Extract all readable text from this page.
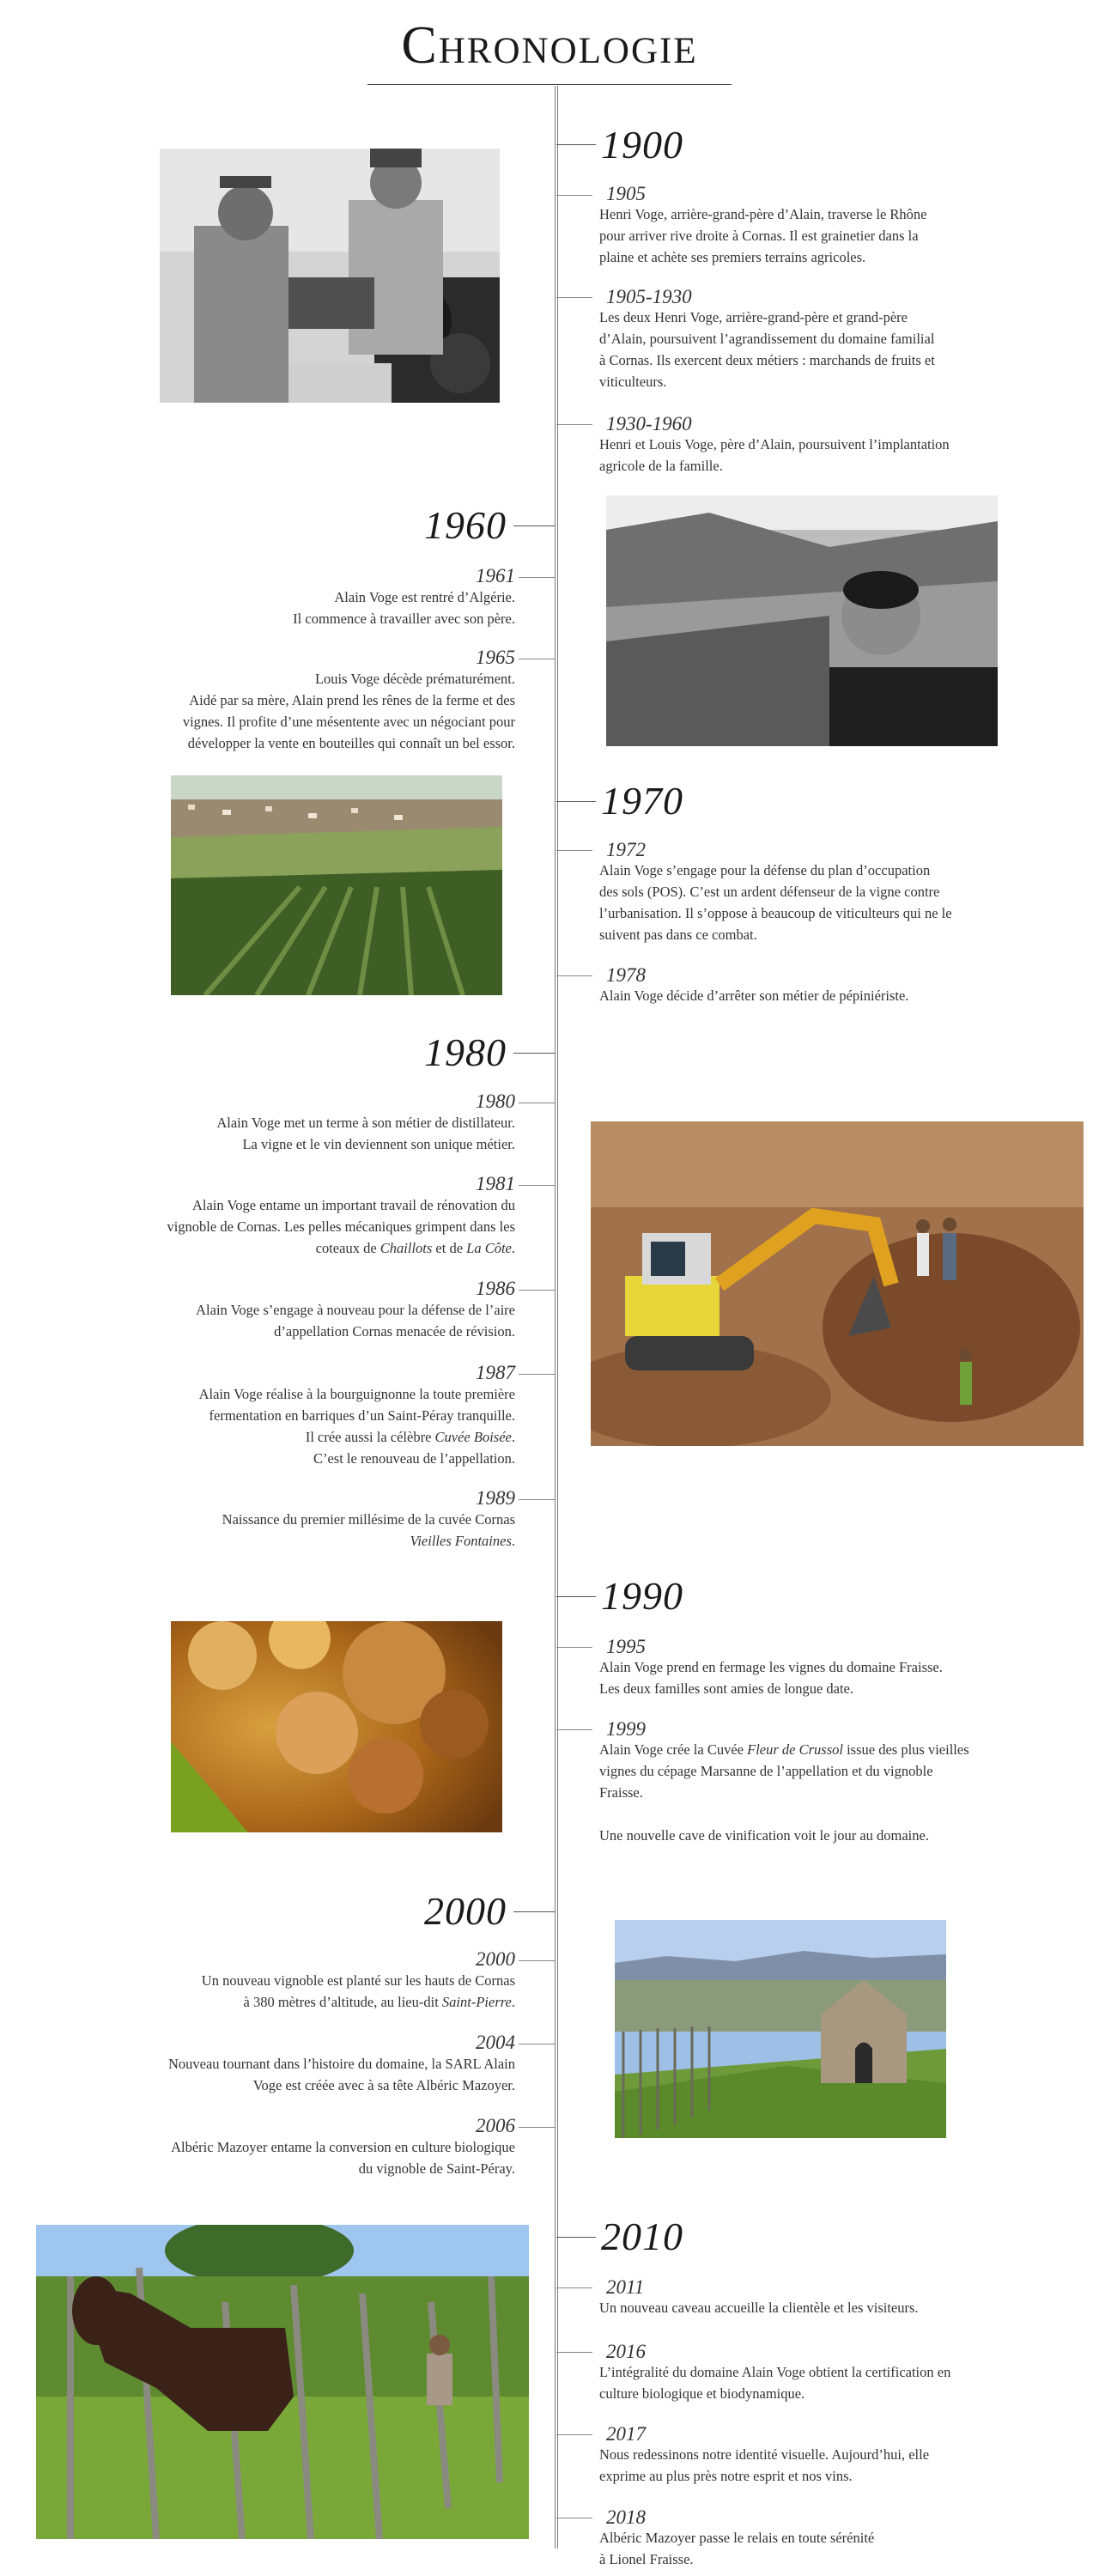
Chronologie
1900
1905
Henri Voge, arrière-grand-père d’Alain, traverse le Rhône
pour arriver rive droite à Cornas. Il est grainetier dans la
plaine et achète ses premiers terrains agricoles.
1905-1930
Les deux Henri Voge, arrière-grand-père et grand-père
d’Alain, poursuivent l’agrandissement du domaine familial
à Cornas. Ils exercent deux métiers : marchands de fruits et
viticulteurs.
1930-1960
Henri et Louis Voge, père d’Alain, poursuivent l’implantation
agricole de la famille.
1960
1961
Alain Voge est rentré d’Algérie.
Il commence à travailler avec son père.
1965
Louis Voge décède prématurément.
Aidé par sa mère, Alain prend les rênes de la ferme et des
vignes. Il profite d’une mésentente avec un négociant pour
développer la vente en bouteilles qui connaît un bel essor.
1970
1972
Alain Voge s’engage pour la défense du plan d’occupation
des sols (POS). C’est un ardent défenseur de la vigne contre
l’urbanisation. Il s’oppose à beaucoup de viticulteurs qui ne le
suivent pas dans ce combat.
1978
Alain Voge décide d’arrêter son métier de pépiniériste.
1980
1980
Alain Voge met un terme à son métier de distillateur.
La vigne et le vin deviennent son unique métier.
1981
Alain Voge entame un important travail de rénovation du
vignoble de Cornas. Les pelles mécaniques grimpent dans les
coteaux de Chaillots et de La Côte.
1986
Alain Voge s’engage à nouveau pour la défense de l’aire
d’appellation Cornas menacée de révision.
1987
Alain Voge réalise à la bourguignonne la toute première
fermentation en barriques d’un Saint-Péray tranquille.
Il crée aussi la célèbre Cuvée Boisée.
C’est le renouveau de l’appellation.
1989
Naissance du premier millésime de la cuvée Cornas
Vieilles Fontaines.
1990
1995
Alain Voge prend en fermage les vignes du domaine Fraisse.
Les deux familles sont amies de longue date.
1999
Alain Voge crée la Cuvée Fleur de Crussol issue des plus vieilles
vignes du cépage Marsanne de l’appellation et du vignoble
Fraisse.
Une nouvelle cave de vinification voit le jour au domaine.
2000
2000
Un nouveau vignoble est planté sur les hauts de Cornas
à 380 mètres d’altitude, au lieu-dit Saint-Pierre.
2004
Nouveau tournant dans l’histoire du domaine, la SARL Alain
Voge est créée avec à sa tête Albéric Mazoyer.
2006
Albéric Mazoyer entame la conversion en culture biologique
du vignoble de Saint-Péray.
2010
2011
Un nouveau caveau accueille la clientèle et les visiteurs.
2016
L’intégralité du domaine Alain Voge obtient la certification en
culture biologique et biodynamique.
2017
Nous redessinons notre identité visuelle. Aujourd’hui, elle
exprime au plus près notre esprit et nos vins.
2018
Albéric Mazoyer passe le relais en toute sérénité
à Lionel Fraisse.
